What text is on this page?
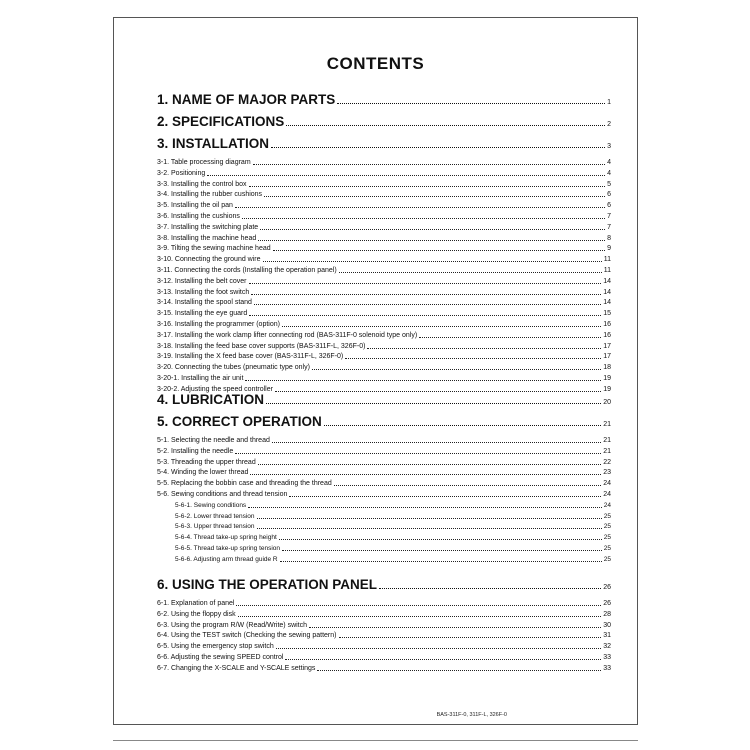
CONTENTS
1. NAME OF MAJOR PARTS	1
2. SPECIFICATIONS	2
3. INSTALLATION	3
3-1. Table processing diagram	4
3-2. Positioning	4
3-3. Installing the control box	5
3-4. Installing the rubber cushions	6
3-5. Installing the oil pan	6
3-6. Installing the cushions	7
3-7. Installing the switching plate	7
3-8. Installing the machine head	8
3-9. Tilting the sewing machine head	9
3-10. Connecting the ground wire	11
3-11. Connecting the cords (Installing the operation panel)	11
3-12. Installing the belt cover	14
3-13. Installing the foot switch	14
3-14. Installing the spool stand	14
3-15. Installing the eye guard	15
3-16. Installing the programmer (option)	16
3-17. Installing the work clamp lifter connecting rod (BAS-311F-0 solenoid type only)	16
3-18. Installing the feed base cover supports (BAS-311F-L, 326F-0)	17
3-19. Installing the X feed base cover (BAS-311F-L, 326F-0)	17
3-20. Connecting the tubes (pneumatic type only)	18
3-20-1. Installing the air unit	19
3-20-2. Adjusting the speed controller	19
4. LUBRICATION	20
5. CORRECT OPERATION	21
5-1. Selecting the needle and thread	21
5-2. Installing the needle	21
5-3. Threading the upper thread	22
5-4. Winding the lower thread	23
5-5. Replacing the bobbin case and threading the thread	24
5-6. Sewing conditions and thread tension	24
5-6-1. Sewing conditions	24
5-6-2. Lower thread tension	25
5-6-3. Upper thread tension	25
5-6-4. Thread take-up spring height	25
5-6-5. Thread take-up spring tension	25
5-6-6. Adjusting arm thread guide R	25
6. USING THE OPERATION PANEL	26
6-1. Explanation of panel	26
6-2. Using the floppy disk	28
6-3. Using the program R/W (Read/Write) switch	30
6-4. Using the TEST switch (Checking the sewing pattern)	31
6-5. Using the emergency stop switch	32
6-6. Adjusting the sewing SPEED control	33
6-7. Changing the X-SCALE and Y-SCALE settings	33
BAS-311F-0, 311F-L, 326F-0
